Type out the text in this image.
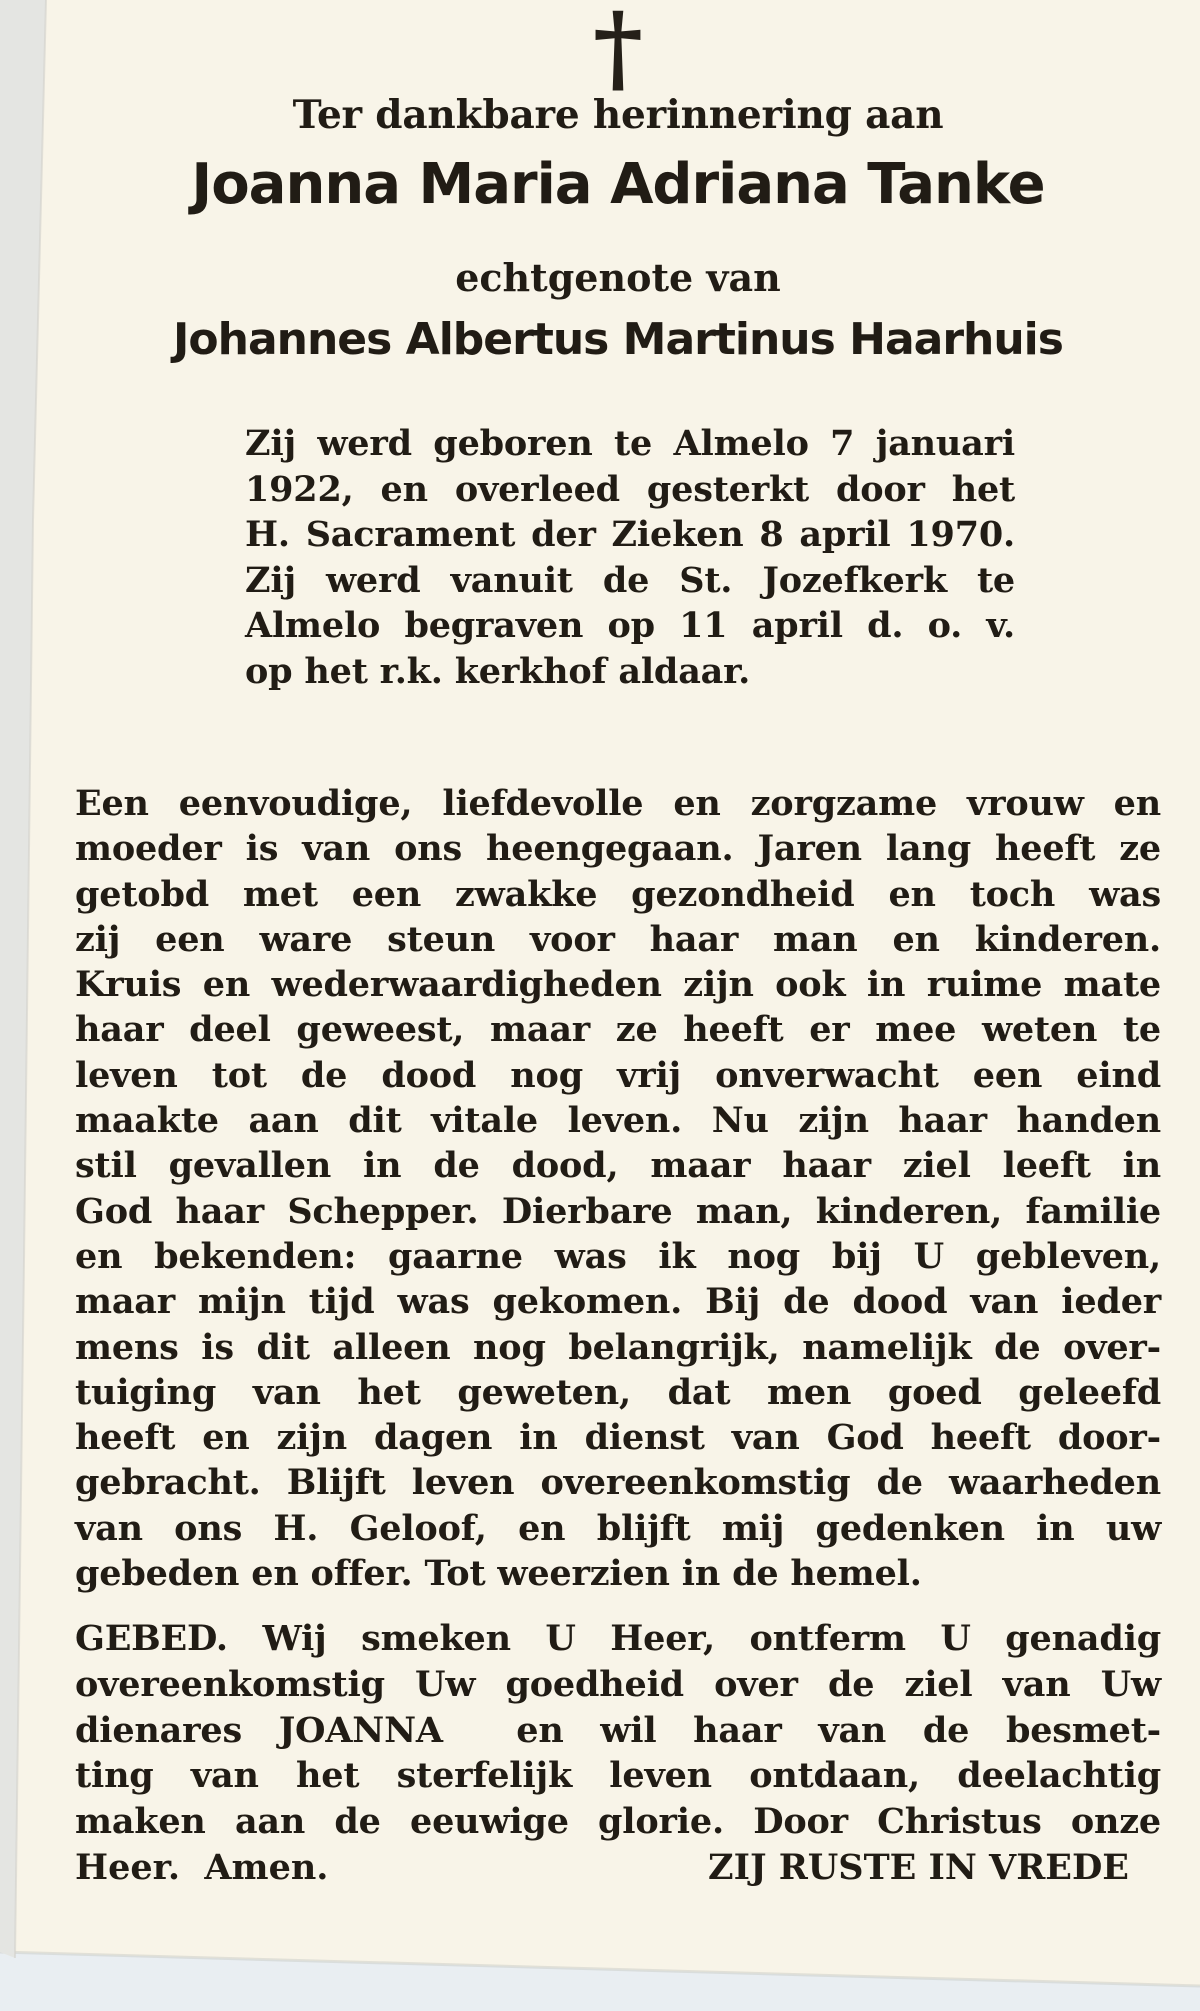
†
Ter dankbare herinnering aan
Joanna Maria Adriana Tanke
echtgenote van
Johannes Albertus Martinus Haarhuis
Zij werd geboren te Almelo 7 januari
1922, en overleed gesterkt door het
H. Sacrament der Zieken 8 april 1970.
Zij werd vanuit de St. Jozefkerk te
Almelo begraven op 11 april d. o. v.
op het r.k. kerkhof aldaar.
Een eenvoudige, liefdevolle en zorgzame vrouw en
moeder is van ons heengegaan. Jaren lang heeft ze
getobd met een zwakke gezondheid en toch was
zij een ware steun voor haar man en kinderen.
Kruis en wederwaardigheden zijn ook in ruime mate
haar deel geweest, maar ze heeft er mee weten te
leven tot de dood nog vrij onverwacht een eind
maakte aan dit vitale leven. Nu zijn haar handen
stil gevallen in de dood, maar haar ziel leeft in
God haar Schepper. Dierbare man, kinderen, familie
en bekenden: gaarne was ik nog bij U gebleven,
maar mijn tijd was gekomen. Bij de dood van ieder
mens is dit alleen nog belangrijk, namelijk de over-
tuiging van het geweten, dat men goed geleefd
heeft en zijn dagen in dienst van God heeft door-
gebracht. Blijft leven overeenkomstig de waarheden
van ons H. Geloof, en blijft mij gedenken in uw
gebeden en offer. Tot weerzien in de hemel.
GEBED. Wij smeken U Heer, ontferm U genadig
overeenkomstig Uw goedheid over de ziel van Uw
dienares JOANNA  en wil haar van de besmet-
ting van het sterfelijk leven ontdaan, deelachtig
maken aan de eeuwige glorie. Door Christus onze
Heer.  Amen.	ZIJ RUSTE IN VREDE
